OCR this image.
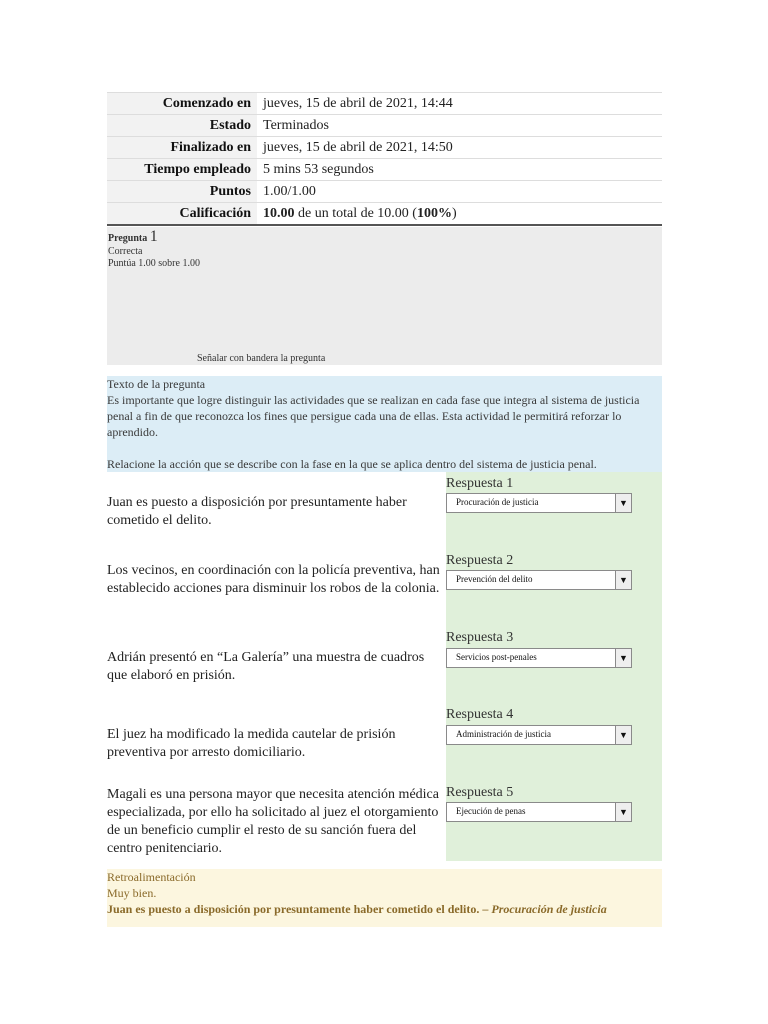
Comenzado en	jueves, 15 de abril de 2021, 14:44
Estado	Terminados
Finalizado en	jueves, 15 de abril de 2021, 14:50
Tiempo empleado	5 mins 53 segundos
Puntos	1.00/1.00
Calificación	10.00 de un total de 10.00 (100%)
Pregunta 1
Correcta
Puntúa 1.00 sobre 1.00
Señalar con bandera la pregunta

Texto de la pregunta

Es importante que logre distinguir las actividades que se realizan en cada fase que integra al sistema de justicia penal a fin de que reconozca los fines que persigue cada una de ellas. Esta actividad le permitirá reforzar lo aprendido.

Relacione la acción que se describe con la fase en la que se aplica dentro del sistema de justicia penal.

Respuesta 1
Juan es puesto a disposición por presuntamente haber cometido el delito.
Procuración de justicia	▼
Respuesta 2
Los vecinos, en coordinación con la policía preventiva, han establecido acciones para disminuir los robos de la colonia.
Prevención del delito	▼
Respuesta 3
Adrián presentó en “La Galería” una muestra de cuadros que elaboró en prisión.
Servicios post-penales	▼
Respuesta 4
El juez ha modificado la medida cautelar de prisión preventiva por arresto domiciliario.
Administración de justicia	▼
Respuesta 5
Magali es una persona mayor que necesita atención médica especializada, por ello ha solicitado al juez el otorgamiento de un beneficio cumplir el resto de su sanción fuera del centro penitenciario.
Ejecución de penas	▼

Retroalimentación

Muy bien.

Juan es puesto a disposición por presuntamente haber cometido el delito. – Procuración de justicia
